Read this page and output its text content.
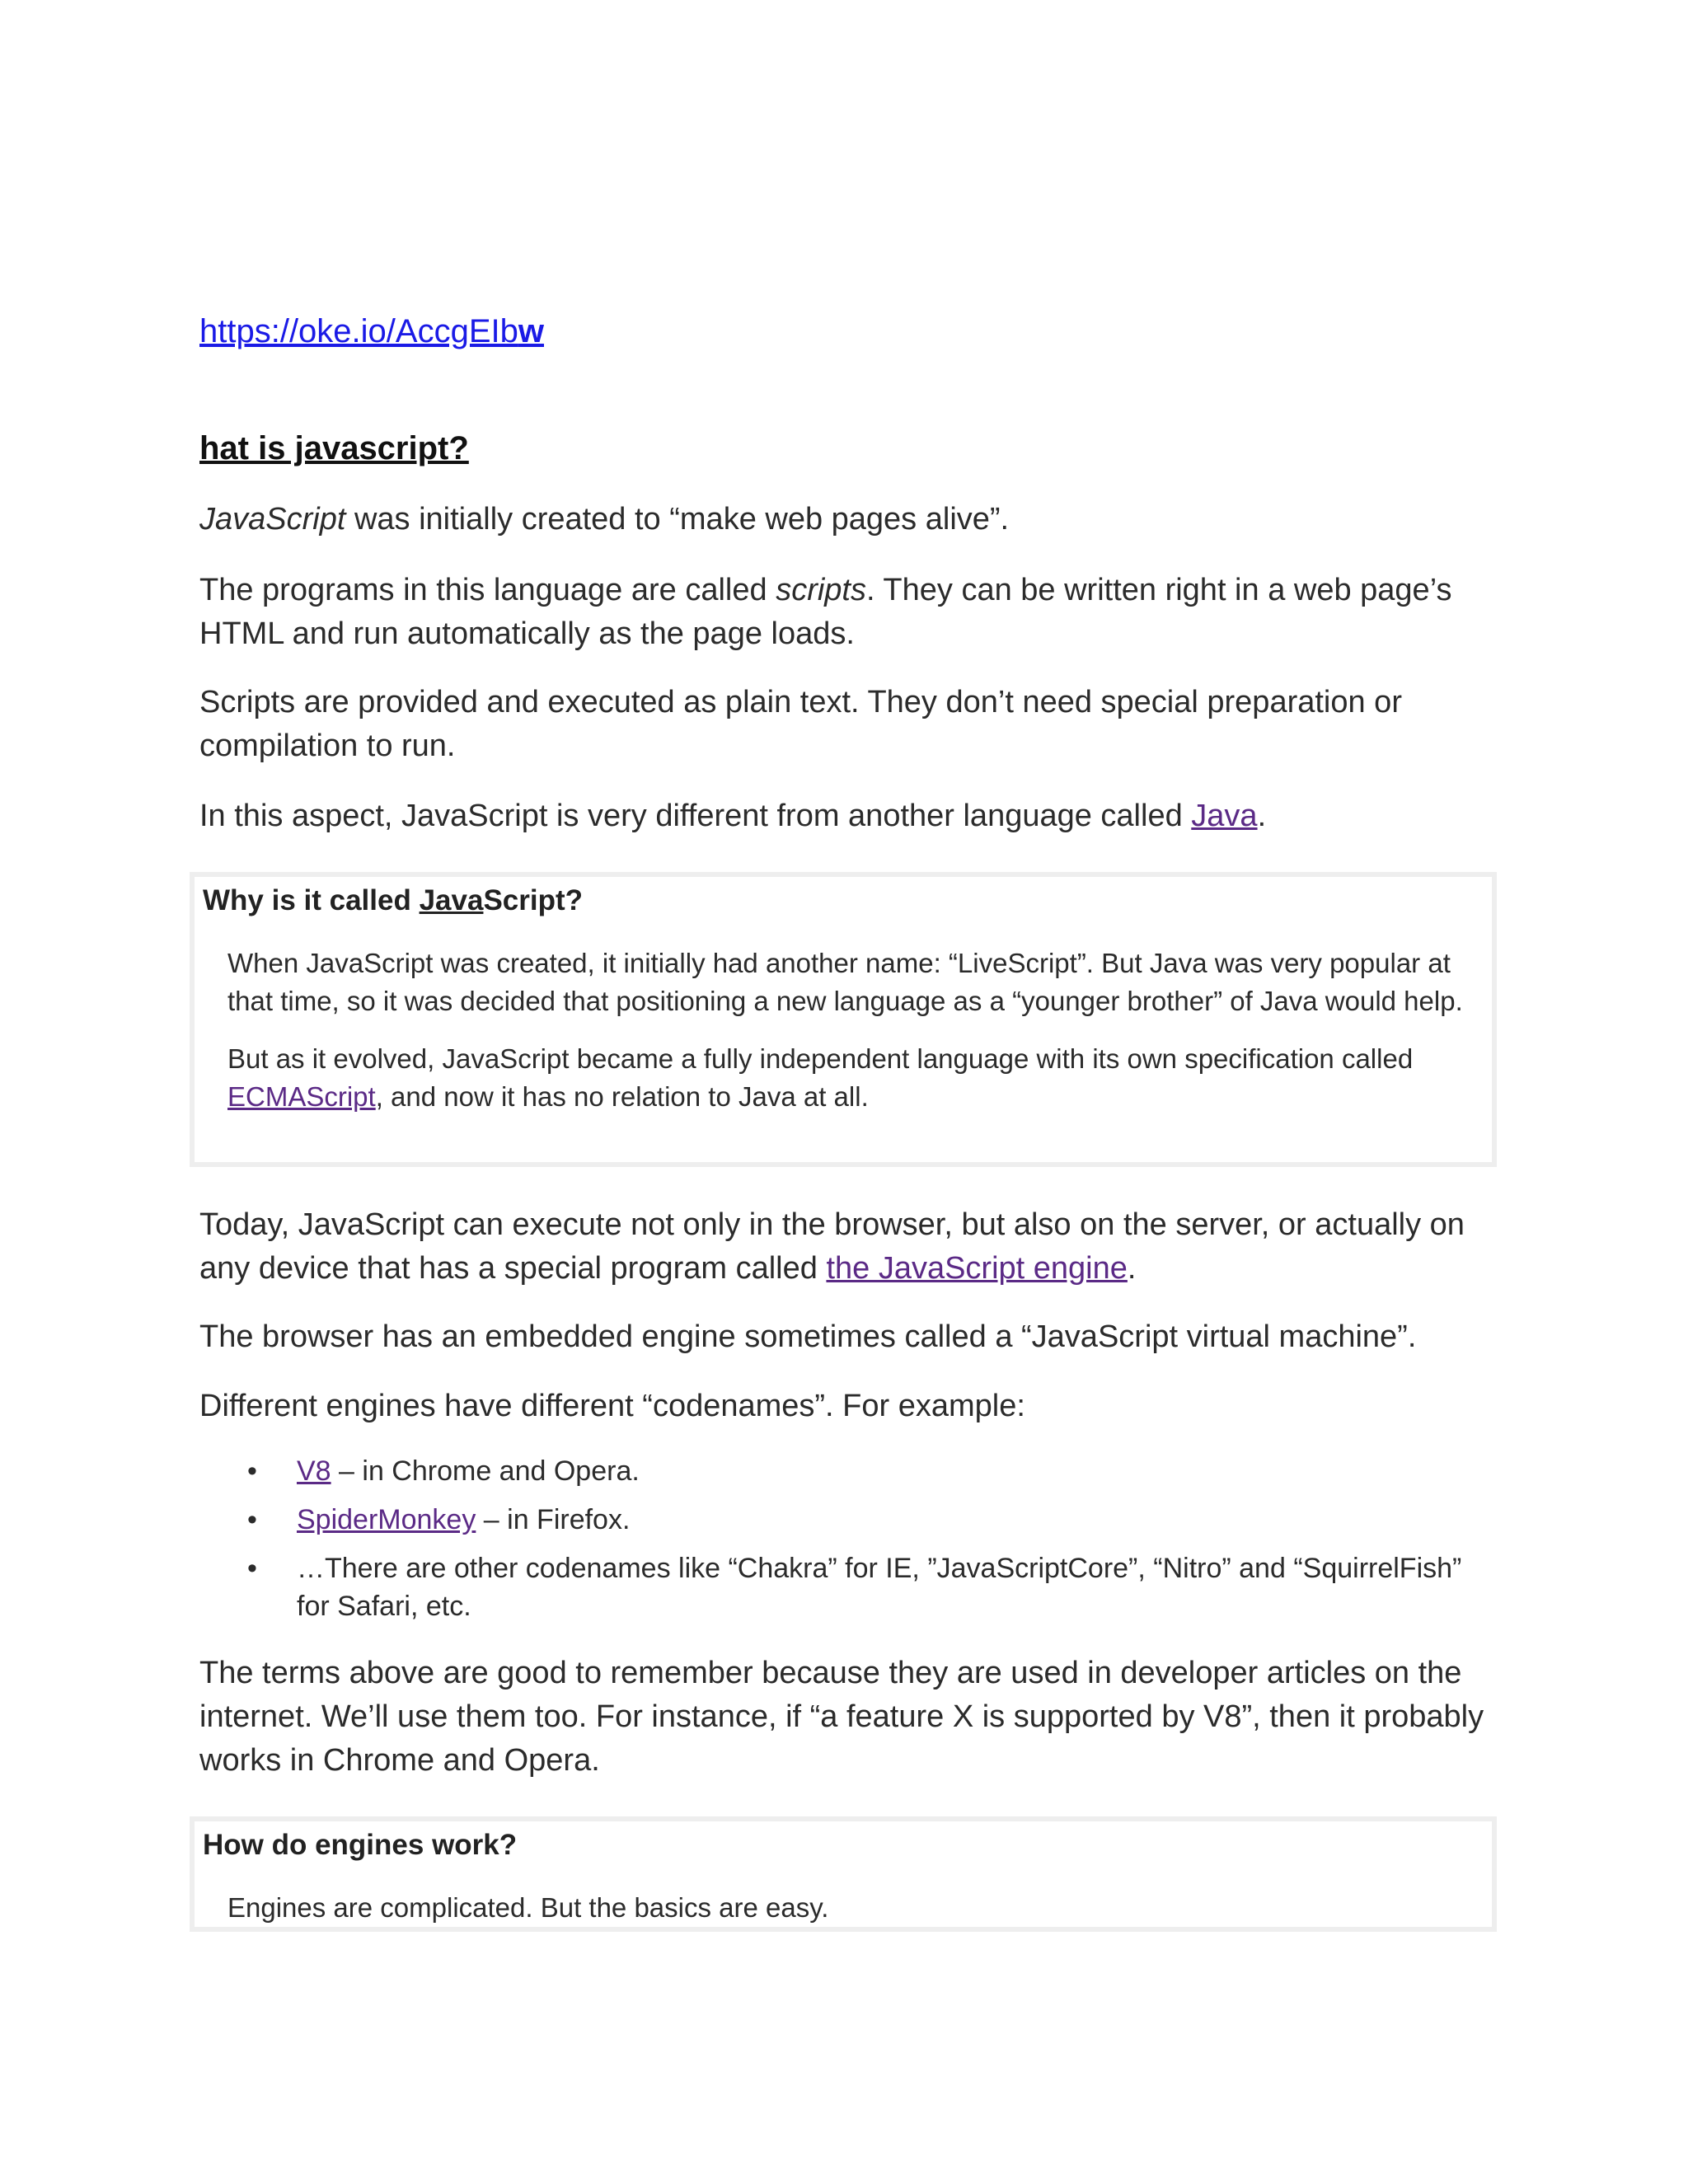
https://oke.io/AccgEIbw
hat is javascript?

JavaScript was initially created to “make web pages alive”.

The programs in this language are called scripts. They can be written right in a web page’s HTML and run automatically as the page loads.

Scripts are provided and executed as plain text. They don’t need special preparation or compilation to run.

In this aspect, JavaScript is very different from another language called Java.

Why is it called JavaScript?

When JavaScript was created, it initially had another name: “LiveScript”. But Java was very popular at that time, so it was decided that positioning a new language as a “younger brother” of Java would help.

But as it evolved, JavaScript became a fully independent language with its own specification called ECMAScript, and now it has no relation to Java at all.

Today, JavaScript can execute not only in the browser, but also on the server, or actually on any device that has a special program called the JavaScript engine.

The browser has an embedded engine sometimes called a “JavaScript virtual machine”.

Different engines have different “codenames”. For example:

• V8 – in Chrome and Opera.
• SpiderMonkey – in Firefox.
• …There are other codenames like “Chakra” for IE, ”JavaScriptCore”, “Nitro” and “SquirrelFish” for Safari, etc.

The terms above are good to remember because they are used in developer articles on the internet. We’ll use them too. For instance, if “a feature X is supported by V8”, then it probably works in Chrome and Opera.

How do engines work?

Engines are complicated. But the basics are easy.
